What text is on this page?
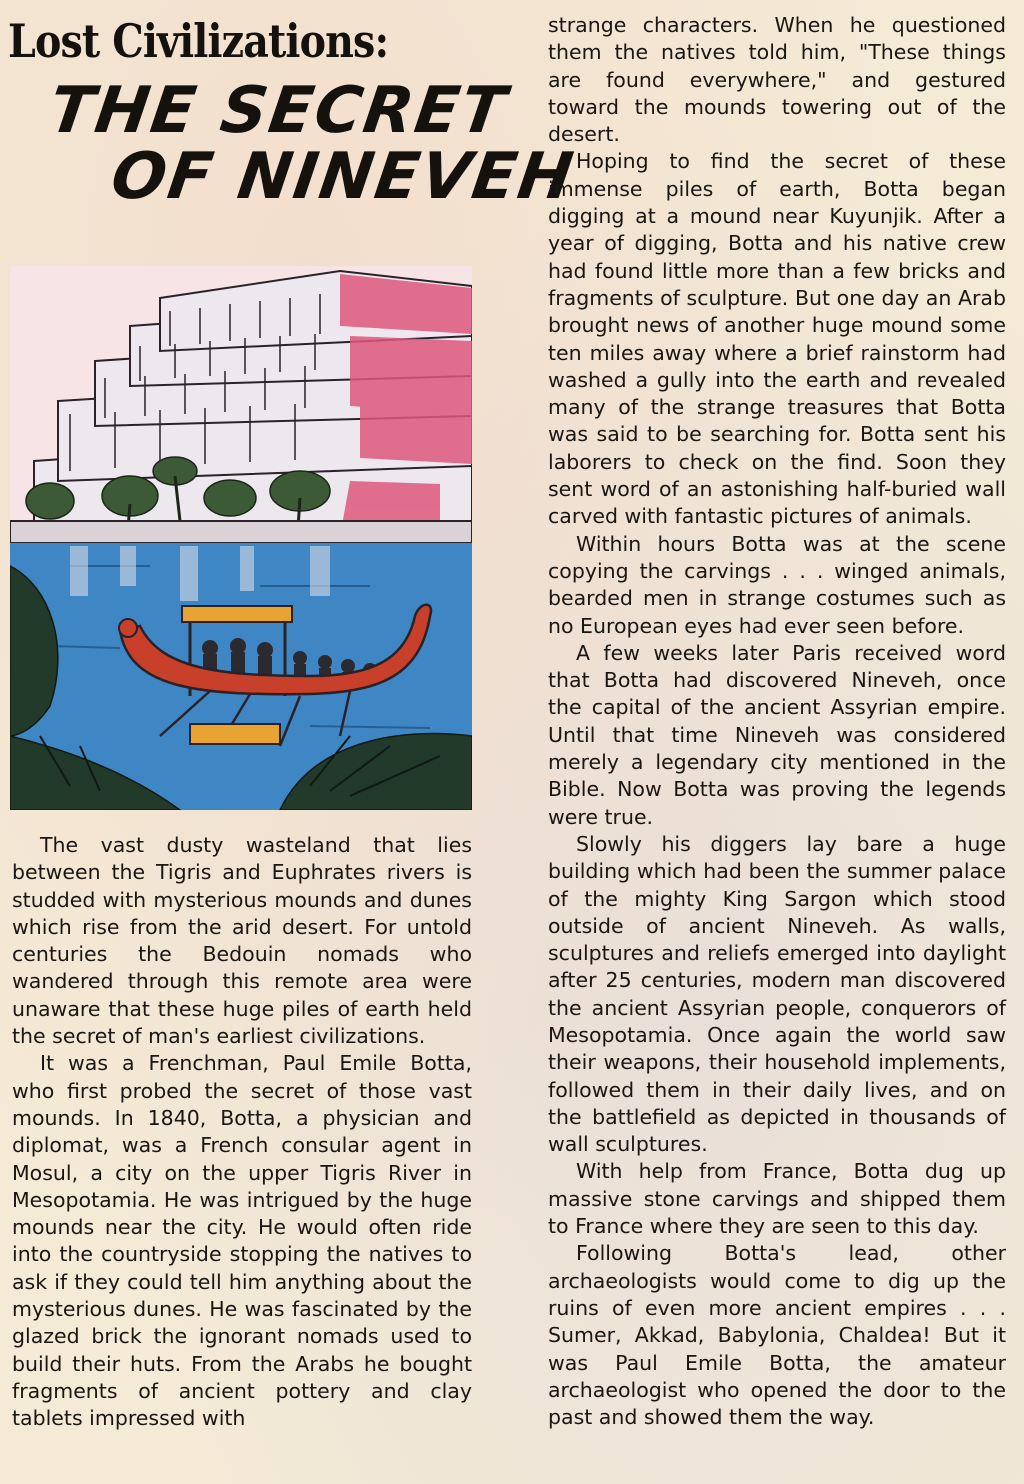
Lost Civilizations:
THE SECRET
OF NINEVEH

The vast dusty wasteland that lies between the Tigris and Euphrates rivers is studded with mysterious mounds and dunes which rise from the arid desert. For untold centuries the Bedouin nomads who wandered through this remote area were unaware that these huge piles of earth held the secret of man's earliest civilizations.

It was a Frenchman, Paul Emile Botta, who first probed the secret of those vast mounds. In 1840, Botta, a physician and diplomat, was a French consular agent in Mosul, a city on the upper Tigris River in Mesopotamia. He was intrigued by the huge mounds near the city. He would often ride into the countryside stopping the natives to ask if they could tell him anything about the mysterious dunes. He was fascinated by the glazed brick the ignorant nomads used to build their huts. From the Arabs he bought fragments of ancient pottery and clay tablets impressed with

strange characters. When he questioned them the natives told him, "These things are found everywhere," and gestured toward the mounds towering out of the desert.

Hoping to find the secret of these immense piles of earth, Botta began digging at a mound near Kuyunjik. After a year of digging, Botta and his native crew had found little more than a few bricks and fragments of sculpture. But one day an Arab brought news of another huge mound some ten miles away where a brief rainstorm had washed a gully into the earth and revealed many of the strange treasures that Botta was said to be searching for. Botta sent his laborers to check on the find. Soon they sent word of an astonishing half-buried wall carved with fantastic pictures of animals.

Within hours Botta was at the scene copying the carvings . . . winged animals, bearded men in strange costumes such as no European eyes had ever seen before.

A few weeks later Paris received word that Botta had discovered Nineveh, once the capital of the ancient Assyrian empire. Until that time Nineveh was considered merely a legendary city mentioned in the Bible. Now Botta was proving the legends were true.

Slowly his diggers lay bare a huge building which had been the summer palace of the mighty King Sargon which stood outside of ancient Nineveh. As walls, sculptures and reliefs emerged into daylight after 25 centuries, modern man discovered the ancient Assyrian people, conquerors of Mesopotamia. Once again the world saw their weapons, their household implements, followed them in their daily lives, and on the battlefield as depicted in thousands of wall sculptures.

With help from France, Botta dug up massive stone carvings and shipped them to France where they are seen to this day.

Following Botta's lead, other archaeologists would come to dig up the ruins of even more ancient empires . . . Sumer, Akkad, Babylonia, Chaldea! But it was Paul Emile Botta, the amateur archaeologist who opened the door to the past and showed them the way.
